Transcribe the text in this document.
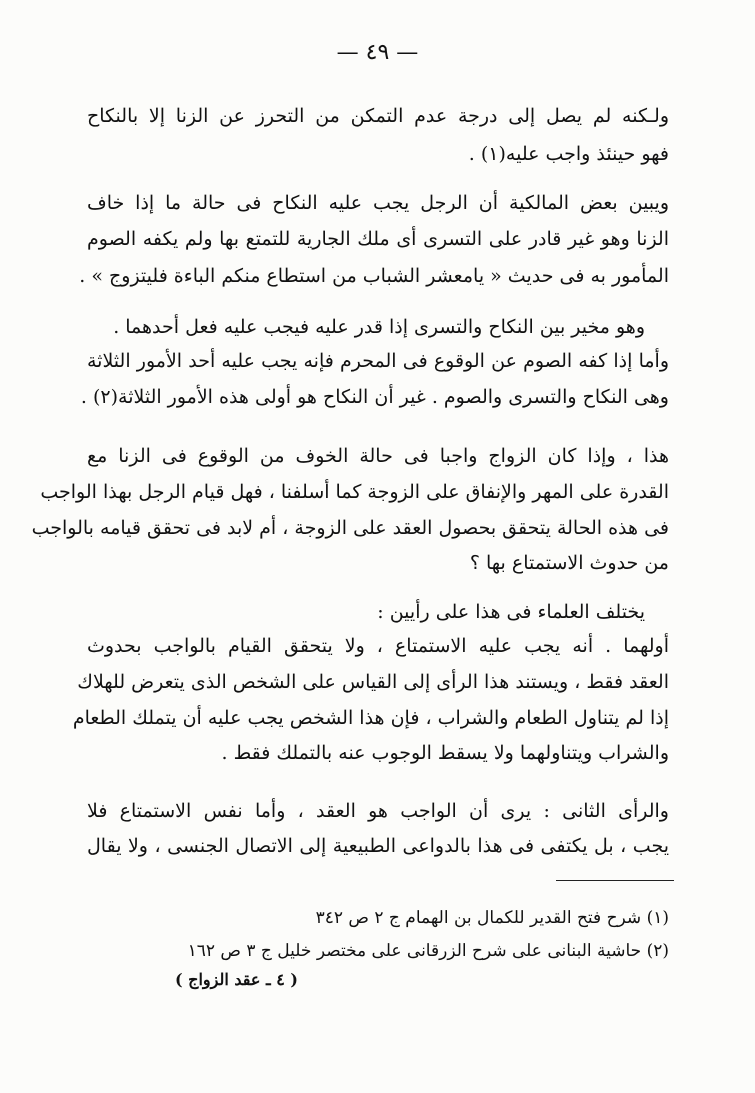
— ٤٩ —
ولـكنه لم يصل إلى درجة عدم التمكن من التحرز عن الزنا إلا بالنكاح
فهو حينئذ واجب عليه(١) .
ويبين بعض المالكية أن الرجل يجب عليه النكاح فى حالة ما إذا خاف
الزنا وهو غير قادر على التسرى أى ملك الجارية للتمتع بها ولم يكفه الصوم
المأمور به فى حديث « يامعشر الشباب من استطاع منكم الباءة فليتزوج » .
وهو مخير بين النكاح والتسرى إذا قدر عليه فيجب عليه فعل أحدهما .
وأما إذا كفه الصوم عن الوقوع فى المحرم فإنه يجب عليه أحد الأمور الثلاثة
وهى النكاح والتسرى والصوم . غير أن النكاح هو أولى هذه الأمور الثلاثة(٢) .
هذا ، وإذا كان الزواج واجبا فى حالة الخوف من الوقوع فى الزنا مع
القدرة على المهر والإنفاق على الزوجة كما أسلفنا ، فهل قيام الرجل بهذا الواجب
فى هذه الحالة يتحقق بحصول العقد على الزوجة ، أم لابد فى تحقق قيامه بالواجب
من حدوث الاستمتاع بها ؟
يختلف العلماء فى هذا على رأيين :
أولهما . أنه يجب عليه الاستمتاع ، ولا يتحقق القيام بالواجب بحدوث
العقد فقط ، ويستند هذا الرأى إلى القياس على الشخص الذى يتعرض للهلاك
إذا لم يتناول الطعام والشراب ، فإن هذا الشخص يجب عليه أن يتملك الطعام
والشراب ويتناولهما ولا يسقط الوجوب عنه بالتملك فقط .
والرأى الثانى : يرى أن الواجب هو العقد ، وأما نفس الاستمتاع فلا
يجب ، بل يكتفى فى هذا بالدواعى الطبيعية إلى الاتصال الجنسى ، ولا يقال
(١) شرح فتح القدير للكمال بن الهمام ج ٢ ص ٣٤٢
(٢) حاشية البنانى على شرح الزرقانى على مختصر خليل ج ٣ ص ١٦٢
( ٤ ـ عقد الزواج )
